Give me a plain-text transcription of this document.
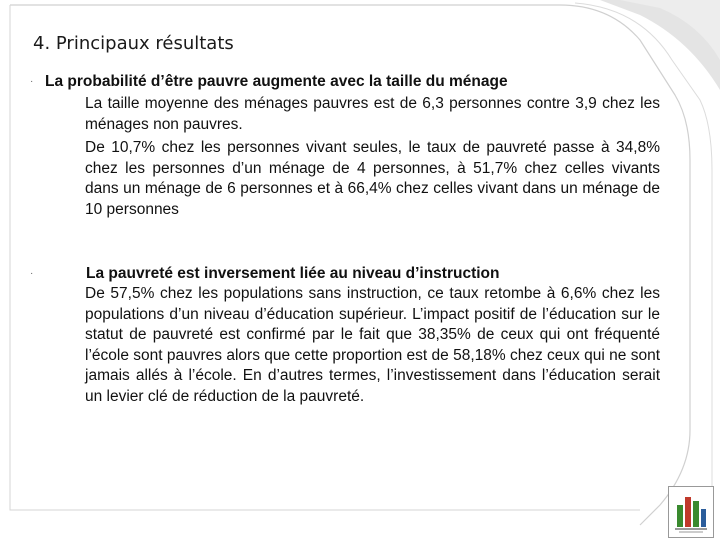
4. Principaux résultats
· La probabilité d’être pauvre augmente avec la taille du ménage
La taille moyenne des ménages pauvres est de 6,3 personnes contre 3,9 chez les ménages non pauvres.
De 10,7% chez les personnes vivant seules, le taux de pauvreté passe à 34,8% chez les personnes d’un ménage de 4 personnes, à 51,7% chez celles vivants dans un ménage de 6 personnes et à 66,4% chez celles vivant dans un ménage de 10 personnes
·	La pauvreté est inversement liée au niveau d’instruction
De 57,5% chez les populations sans instruction, ce taux retombe à 6,6% chez les populations d’un niveau d’éducation supérieur. L’impact positif de l’éducation sur le statut de pauvreté est confirmé par le fait que 38,35% de ceux qui ont fréquenté l’école sont pauvres alors que cette proportion est de 58,18% chez ceux qui ne sont jamais allés à l’école. En d’autres termes, l’investissement dans l’éducation serait un levier clé de réduction de la pauvreté.
